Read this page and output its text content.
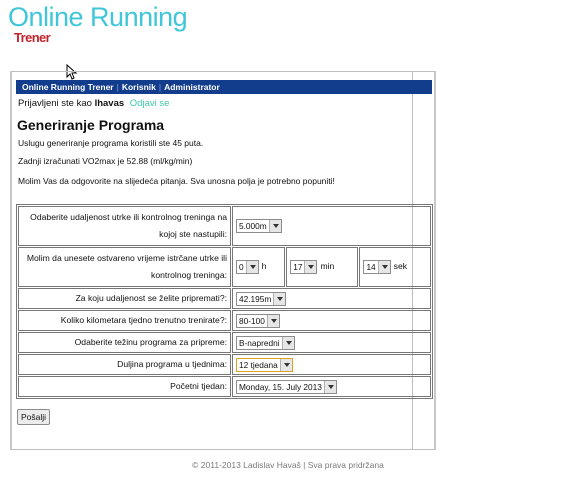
Online Running
Trener
Online Running Trener | Korisnik | Administrator
Prijavljeni ste kao lhavas Odjavi se
Generiranje Programa
Uslugu generiranje programa koristili ste 45 puta.
Zadnji izračunati VO2max je 52.88 (ml/kg/min)
Molim Vas da odgovorite na slijedeća pitanja. Sva unosna polja je potrebno popuniti!
Odaberite udaljenost utrke ili kontrolnog treninga na kojoj ste nastupili:	5.000m		

Molim da unesete ostvareno vrijeme istrčane utrke ili kontrolnog treninga:	0 h	17 min	14 sek
Za koju udaljenost se želite pripremati?:	42.195m		

Koliko kilometara tjedno trenutno trenirate?:	80-100		

Odaberite težinu programa za pripreme:	B-napredni		

Duljina programa u tjednima:	12 tjedana		

Početni tjedan:	Monday, 15. July 2013		
Pošalji
© 2011-2013 Ladislav Havaš | Sva prava pridržana
